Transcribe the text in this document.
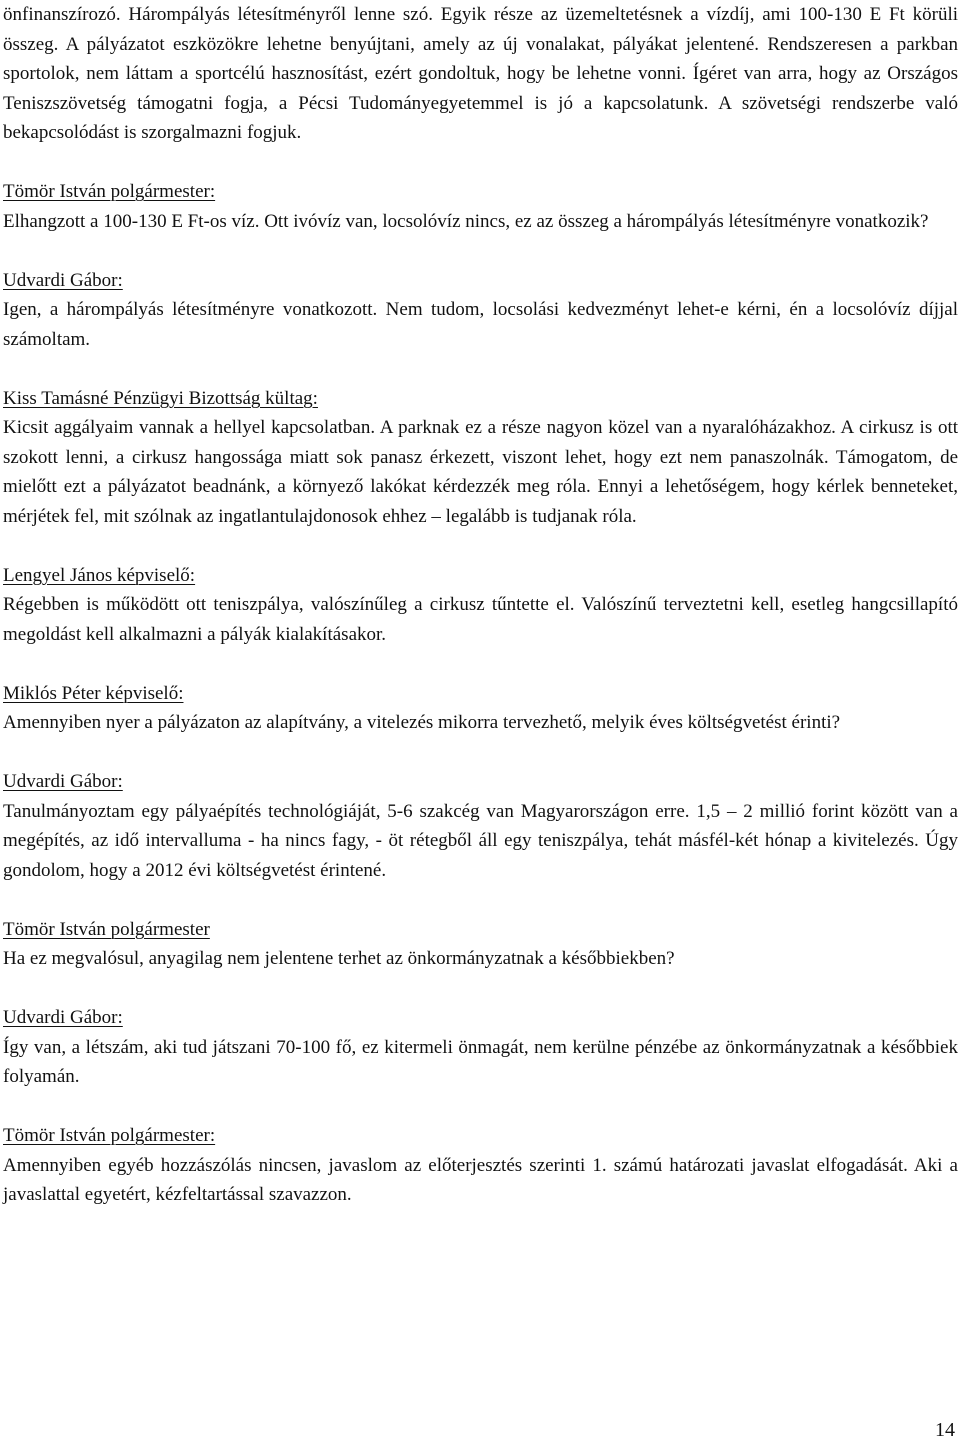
önfinanszírozó. Hárompályás létesítményről lenne szó. Egyik része az üzemeltetésnek a vízdíj, ami 100-130 E Ft körüli összeg. A pályázatot eszközökre lehetne benyújtani, amely az új vonalakat, pályákat jelentené. Rendszeresen a parkban sportolok, nem láttam a sportcélú hasznosítást, ezért gondoltuk, hogy be lehetne vonni. Ígéret van arra, hogy az Országos Teniszszövetség támogatni fogja, a Pécsi Tudományegyetemmel is jó a kapcsolatunk. A szövetségi rendszerbe való bekapcsolódást is szorgalmazni fogjuk.

Tömör István polgármester:

Elhangzott a 100-130 E Ft-os víz. Ott ivóvíz van, locsolóvíz nincs, ez az összeg a hárompályás létesítményre vonatkozik?

Udvardi Gábor:

Igen, a hárompályás létesítményre vonatkozott. Nem tudom, locsolási kedvezményt lehet-e kérni, én a locsolóvíz díjjal számoltam.

Kiss Tamásné Pénzügyi Bizottság kültag:

Kicsit aggályaim vannak a hellyel kapcsolatban. A parknak ez a része nagyon közel van a nyaralóházakhoz. A cirkusz is ott szokott lenni, a cirkusz hangossága miatt sok panasz érkezett, viszont lehet, hogy ezt nem panaszolnák. Támogatom, de mielőtt ezt a pályázatot beadnánk, a környező lakókat kérdezzék meg róla. Ennyi a lehetőségem, hogy kérlek benneteket, mérjétek fel, mit szólnak az ingatlantulajdonosok ehhez – legalább is tudjanak róla.

Lengyel János képviselő:

Régebben is működött ott teniszpálya, valószínűleg a cirkusz tűntette el. Valószínű terveztetni kell, esetleg hangcsillapító megoldást kell alkalmazni a pályák kialakításakor.

Miklós Péter képviselő:

Amennyiben nyer a pályázaton az alapítvány, a vitelezés mikorra tervezhető, melyik éves költségvetést érinti?

Udvardi Gábor:

Tanulmányoztam egy pályaépítés technológiáját, 5-6 szakcég van Magyarországon erre. 1,5 – 2 millió forint között van a megépítés, az idő intervalluma - ha nincs fagy, - öt rétegből áll egy teniszpálya, tehát másfél-két hónap a kivitelezés. Úgy gondolom, hogy a 2012 évi költségvetést érintené.

Tömör István polgármester

Ha ez megvalósul, anyagilag nem jelentene terhet az önkormányzatnak a későbbiekben?

Udvardi Gábor:

Így van, a létszám, aki tud játszani 70-100 fő, ez kitermeli önmagát, nem kerülne pénzébe az önkormányzatnak a későbbiek folyamán.

Tömör István polgármester:

Amennyiben egyéb hozzászólás nincsen, javaslom az előterjesztés szerinti 1. számú határozati javaslat elfogadását. Aki a javaslattal egyetért, kézfeltartással szavazzon.

14
